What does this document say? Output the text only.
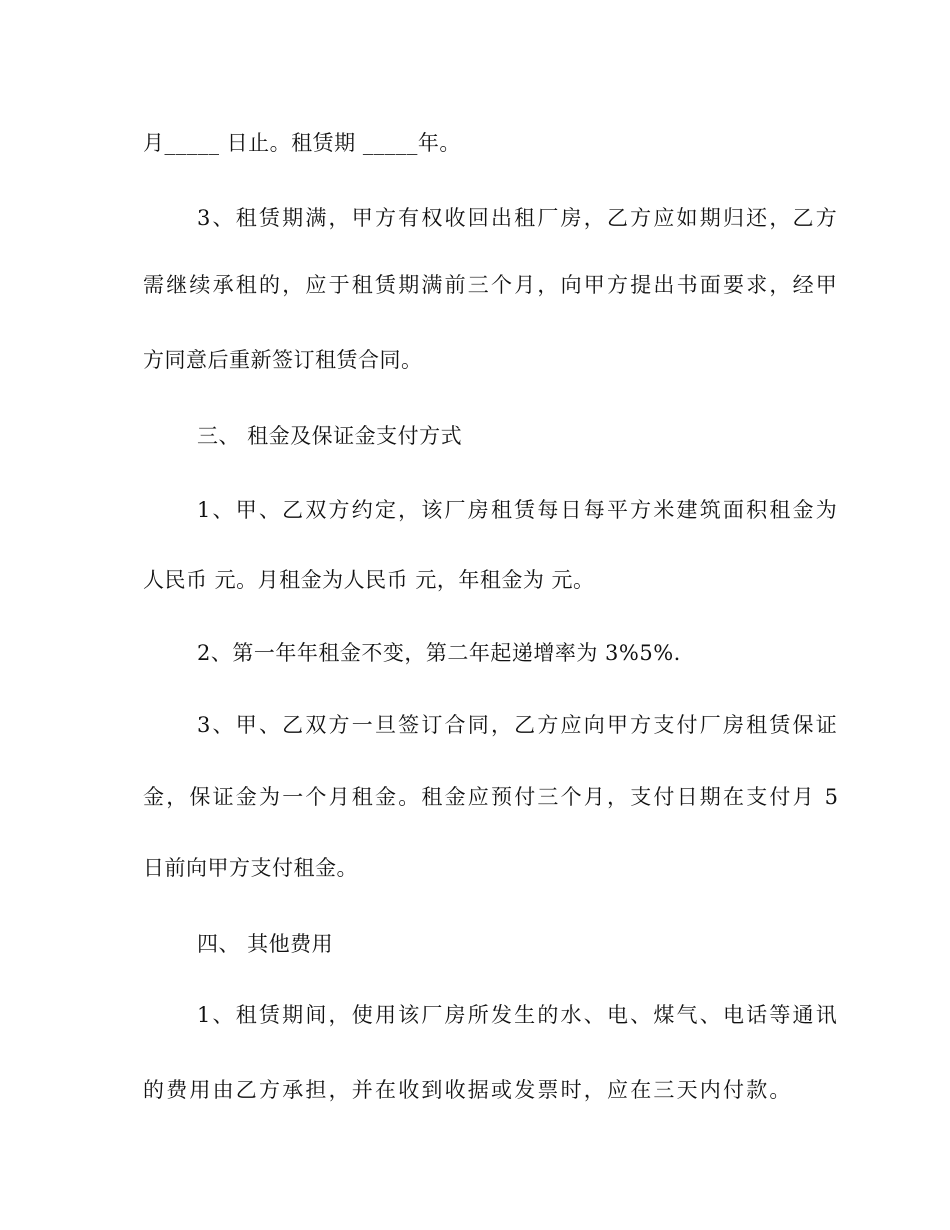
月_____ 日止。租赁期 _____年。
3、租赁期满，甲方有权收回出租厂房，乙方应如期归还，乙方
需继续承租的，应于租赁期满前三个月，向甲方提出书面要求，经甲
方同意后重新签订租赁合同。
三、 租金及保证金支付方式
1、甲、乙双方约定，该厂房租赁每日每平方米建筑面积租金为
人民币 元。月租金为人民币 元，年租金为 元。
2、第一年年租金不变，第二年起递增率为 3%5%.
3、甲、乙双方一旦签订合同，乙方应向甲方支付厂房租赁保证
金，保证金为一个月租金。租金应预付三个月，支付日期在支付月 5
日前向甲方支付租金。
四、 其他费用
1、租赁期间，使用该厂房所发生的水、电、煤气、电话等通讯
的费用由乙方承担，并在收到收据或发票时，应在三天内付款。
